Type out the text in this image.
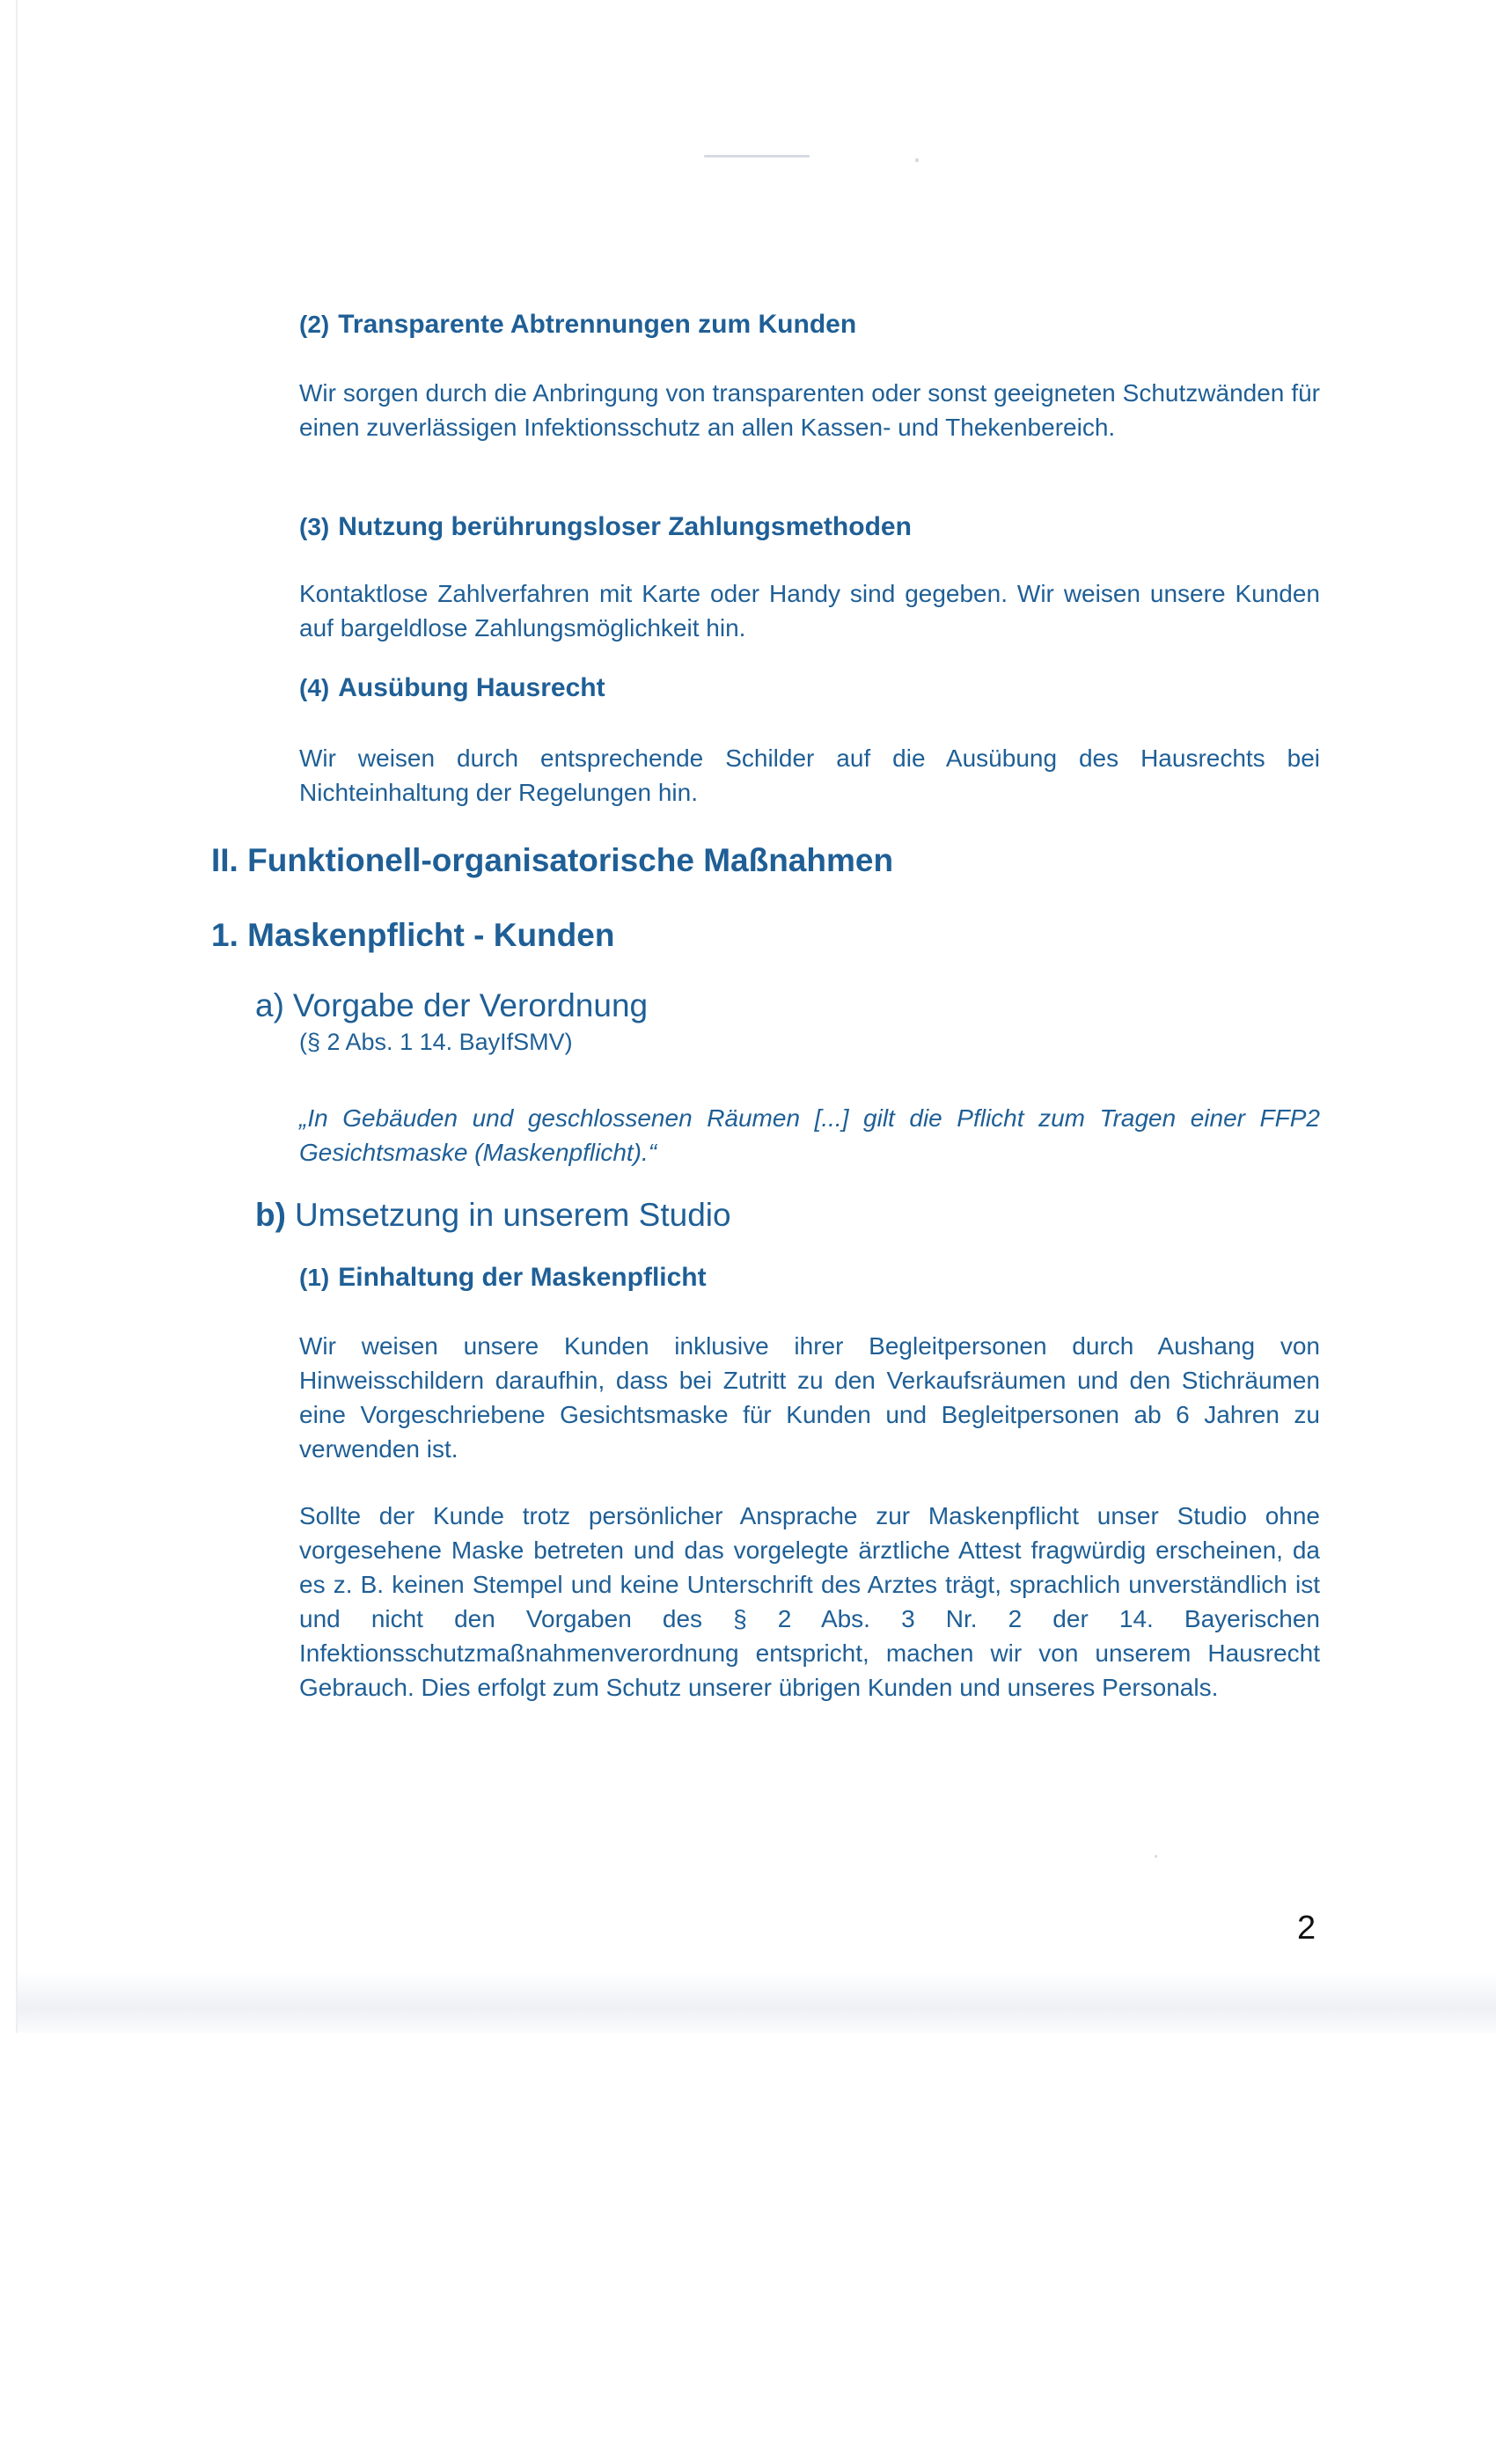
(2) Transparente Abtrennungen zum Kunden

Wir sorgen durch die Anbringung von transparenten oder sonst geeigneten Schutzwänden für einen zuverlässigen Infektionsschutz an allen Kassen- und Thekenbereich.

(3) Nutzung berührungsloser Zahlungsmethoden

Kontaktlose Zahlverfahren mit Karte oder Handy sind gegeben. Wir weisen unsere Kunden auf bargeldlose Zahlungsmöglichkeit hin.

(4) Ausübung Hausrecht

Wir weisen durch entsprechende Schilder auf die Ausübung des Hausrechts bei Nichteinhaltung der Regelungen hin.

II. Funktionell-organisatorische Maßnahmen
1. Maskenpflicht - Kunden
a) Vorgabe der Verordnung
(§ 2 Abs. 1 14. BayIfSMV)

„In Gebäuden und geschlossenen Räumen [...] gilt die Pflicht zum Tragen einer FFP2 Gesichtsmaske (Maskenpflicht).“

b) Umsetzung in unserem Studio
(1) Einhaltung der Maskenpflicht

Wir weisen unsere Kunden inklusive ihrer Begleitpersonen durch Aushang von Hinweisschildern daraufhin, dass bei Zutritt zu den Verkaufsräumen und den Stichräumen eine Vorgeschriebene Gesichtsmaske für Kunden und Begleitpersonen ab 6 Jahren zu verwenden ist.

Sollte der Kunde trotz persönlicher Ansprache zur Maskenpflicht unser Studio ohne vorgesehene Maske betreten und das vorgelegte ärztliche Attest fragwürdig erscheinen, da es z. B. keinen Stempel und keine Unterschrift des Arztes trägt, sprachlich unverständlich ist und nicht den Vorgaben des § 2 Abs. 3 Nr. 2 der 14. Bayerischen Infektionsschutzmaßnahmenverordnung entspricht, machen wir von unserem Hausrecht Gebrauch. Dies erfolgt zum Schutz unserer übrigen Kunden und unseres Personals.

2
